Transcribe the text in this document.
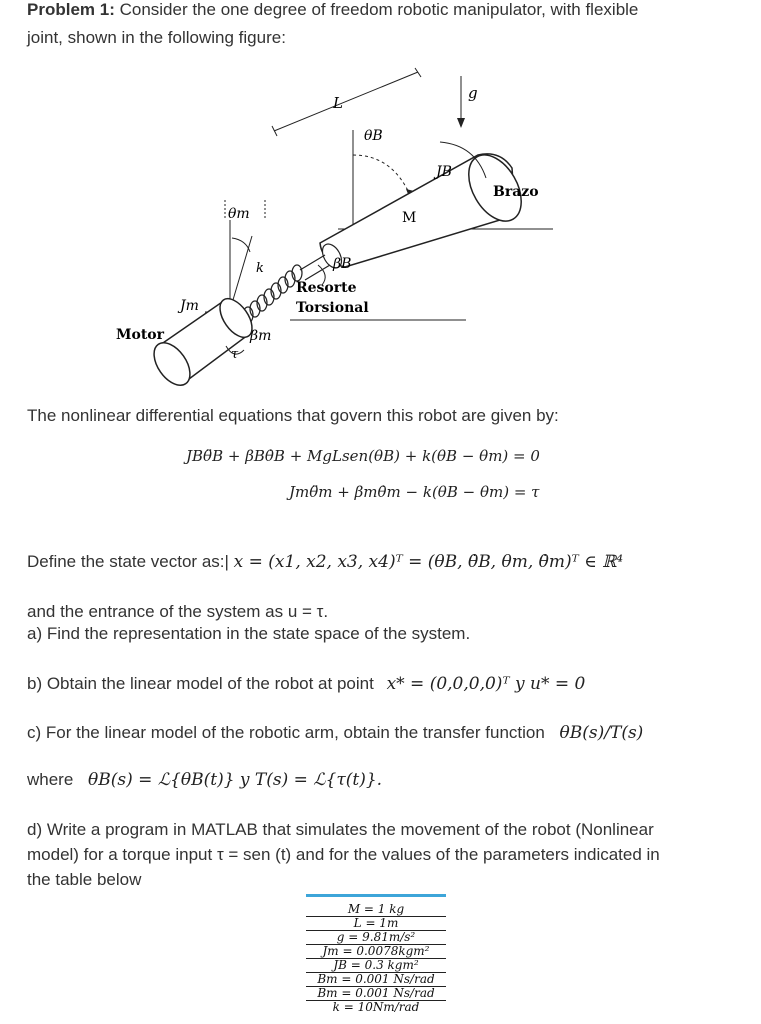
Problem 1: Consider the one degree of freedom robotic manipulator, with flexible
joint, shown in the following figure:
L
g
θB
JB
Brazo
θm	M
k	βB
Resorte
Torsional
Jm
Motor	βm
τ
The nonlinear differential equations that govern this robot are given by:
JBθ̈B + βBθ̇B + MgLsen(θB) + k(θB − θm) = 0
Jmθ̈m + βmθ̇m − k(θB − θm) = τ
Define the state vector as:| x = (x1, x2, x3, x4)ᵀ = (θB, θ̇B, θm, θ̇m)ᵀ ∈ ℝ⁴
and the entrance of the system as u = τ.
a) Find the representation in the state space of the system.
b) Obtain the linear model of the robot at point x* = (0,0,0,0)ᵀ y u* = 0
c) For the linear model of the robotic arm, obtain the transfer function θB(s)/T(s)
where θB(s) = ℒ{θB(t)} y T(s) = ℒ{τ(t)}.
d) Write a program in MATLAB that simulates the movement of the robot (Nonlinear
model) for a torque input τ = sen (t) and for the values of the parameters indicated in
the table below
M = 1 kg
L = 1m
g = 9.81m/s²
Jm = 0.0078kgm²
JB = 0.3 kgm²
Bm = 0.001 Ns/rad
Bm = 0.001 Ns/rad
k = 10Nm/rad
